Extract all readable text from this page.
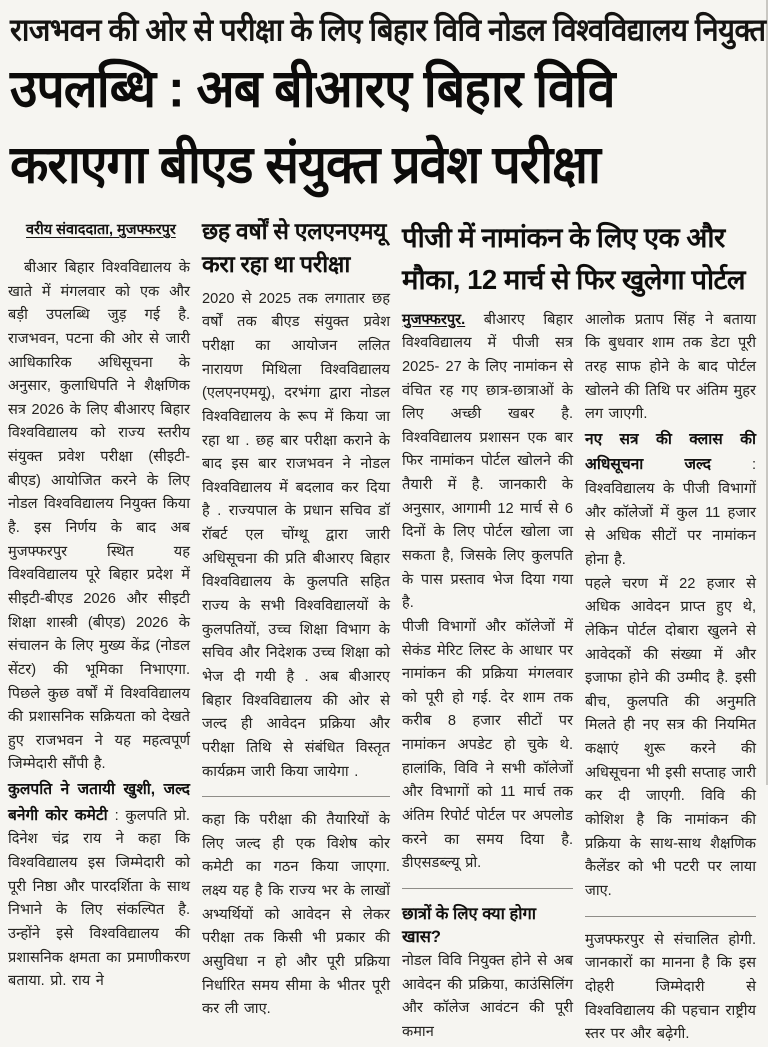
राजभवन की ओर से परीक्षा के लिए बिहार विवि नोडल विश्वविद्यालय नियुक्त
उपलब्धि : अब बीआरए बिहार विवि
कराएगा बीएड संयुक्त प्रवेश परीक्षा
वरीय संवाददाता, मुजफ्फरपुर

बीआर बिहार विश्वविद्यालय के खाते में मंगलवार को एक और बड़ी उपलब्धि जुड़ गई है. राजभवन, पटना की ओर से जारी आधिकारिक अधिसूचना के अनुसार, कुलाधिपति ने शैक्षणिक सत्र 2026 के लिए बीआरए बिहार विश्वविद्यालय को राज्य स्तरीय संयुक्त प्रवेश परीक्षा (सीइटी-बीएड) आयोजित करने के लिए नोडल विश्वविद्यालय नियुक्त किया है. इस निर्णय के बाद अब मुजफ्फरपुर स्थित यह विश्वविद्यालय पूरे बिहार प्रदेश में सीइटी-बीएड 2026 और सीइटी शिक्षा शास्त्री (बीएड) 2026 के संचालन के लिए मुख्य केंद्र (नोडल सेंटर) की भूमिका निभाएगा. पिछले कुछ वर्षों में विश्वविद्यालय की प्रशासनिक सक्रियता को देखते हुए राजभवन ने यह महत्वपूर्ण जिम्मेदारी सौंपी है.

कुलपति ने जतायी खुशी, जल्द बनेगी कोर कमेटी : कुलपति प्रो. दिनेश चंद्र राय ने कहा कि विश्वविद्यालय इस जिम्मेदारी को पूरी निष्ठा और पारदर्शिता के साथ निभाने के लिए संकल्पित है. उन्होंने इसे विश्वविद्यालय की प्रशासनिक क्षमता का प्रमाणीकरण बताया. प्रो. राय ने

छह वर्षों से एलएनएमयू
करा रहा था परीक्षा

2020 से 2025 तक लगातार छह वर्षों तक बीएड संयुक्त प्रवेश परीक्षा का आयोजन ललित नारायण मिथिला विश्वविद्यालय (एलएनएमयू), दरभंगा द्वारा नोडल विश्वविद्यालय के रूप में किया जा रहा था . छह बार परीक्षा कराने के बाद इस बार राजभवन ने नोडल विश्वविद्यालय में बदलाव कर दिया है . राज्यपाल के प्रधान सचिव डॉ रॉबर्ट एल चोंग्थू द्वारा जारी अधिसूचना की प्रति बीआरए बिहार विश्वविद्यालय के कुलपति सहित राज्य के सभी विश्वविद्यालयों के कुलपतियों, उच्च शिक्षा विभाग के सचिव और निदेशक उच्च शिक्षा को भेज दी गयी है . अब बीआरए बिहार विश्वविद्यालय की ओर से जल्द ही आवेदन प्रक्रिया और परीक्षा तिथि से संबंधित विस्तृत कार्यक्रम जारी किया जायेगा .

कहा कि परीक्षा की तैयारियों के लिए जल्द ही एक विशेष कोर कमेटी का गठन किया जाएगा. लक्ष्य यह है कि राज्य भर के लाखों अभ्यर्थियों को आवेदन से लेकर परीक्षा तक किसी भी प्रकार की असुविधा न हो और पूरी प्रक्रिया निर्धारित समय सीमा के भीतर पूरी कर ली जाए.

पीजी में नामांकन के लिए एक और
मौका, 12 मार्च से फिर खुलेगा पोर्टल

मुजफ्फरपुर. बीआरए बिहार विश्वविद्यालय में पीजी सत्र 2025- 27 के लिए नामांकन से वंचित रह गए छात्र-छात्राओं के लिए अच्छी खबर है. विश्वविद्यालय प्रशासन एक बार फिर नामांकन पोर्टल खोलने की तैयारी में है. जानकारी के अनुसार, आगामी 12 मार्च से 6 दिनों के लिए पोर्टल खोला जा सकता है, जिसके लिए कुलपति के पास प्रस्ताव भेज दिया गया है.

पीजी विभागों और कॉलेजों में सेकंड मेरिट लिस्ट के आधार पर नामांकन की प्रक्रिया मंगलवार को पूरी हो गई. देर शाम तक करीब 8 हजार सीटों पर नामांकन अपडेट हो चुके थे. हालांकि, विवि ने सभी कॉलेजों और विभागों को 11 मार्च तक अंतिम रिपोर्ट पोर्टल पर अपलोड करने का समय दिया है. डीएसडब्ल्यू प्रो.

छात्रों के लिए क्या होगा खास?

नोडल विवि नियुक्त होने से अब आवेदन की प्रक्रिया, काउंसिलिंग और कॉलेज आवंटन की पूरी कमान

आलोक प्रताप सिंह ने बताया कि बुधवार शाम तक डेटा पूरी तरह साफ होने के बाद पोर्टल खोलने की तिथि पर अंतिम मुहर लग जाएगी.

नए सत्र की क्लास की अधिसूचना जल्द : विश्वविद्यालय के पीजी विभागों और कॉलेजों में कुल 11 हजार से अधिक सीटों पर नामांकन होना है.

पहले चरण में 22 हजार से अधिक आवेदन प्राप्त हुए थे, लेकिन पोर्टल दोबारा खुलने से आवेदकों की संख्या में और इजाफा होने की उम्मीद है. इसी बीच, कुलपति की अनुमति मिलते ही नए सत्र की नियमित कक्षाएं शुरू करने की अधिसूचना भी इसी सप्ताह जारी कर दी जाएगी. विवि की कोशिश है कि नामांकन की प्रक्रिया के साथ-साथ शैक्षणिक कैलेंडर को भी पटरी पर लाया जाए.

मुजफ्फरपुर से संचालित होगी. जानकारों का मानना है कि इस दोहरी जिम्मेदारी से विश्वविद्यालय की पहचान राष्ट्रीय स्तर पर और बढ़ेगी.
